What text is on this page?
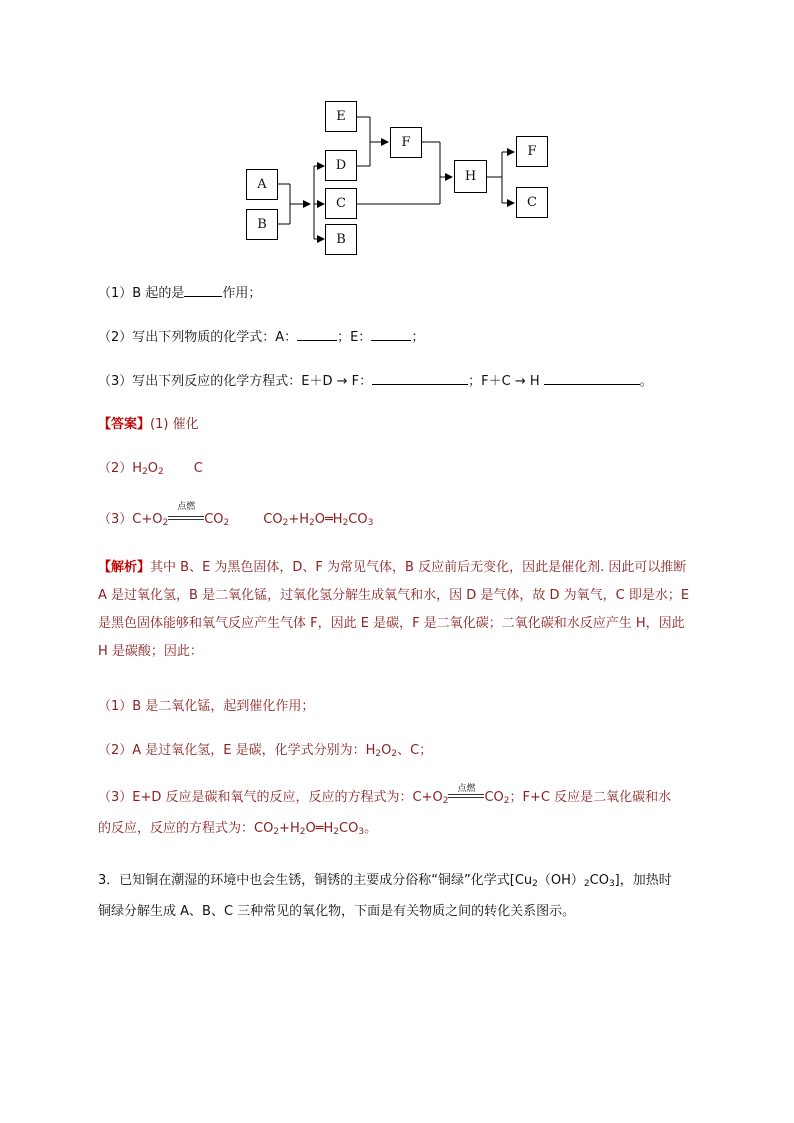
E
F
D
A
C
B
B
H
F
C
（1）B 起的是	作用；
（2）写出下列物质的化学式：A：	；E：	；
（3）写出下列反应的化学方程式：E＋D → F：	；F＋C → H	。
【答案】(1) 催化
$(2)H_2O_2$ C
$(3)C+O_2$
点燃
$CO_2$	$CO_2+H_2O═H_2CO_3$
【解析】其中 B、E 为黑色固体，D、F 为常见气体，B 反应前后无变化，因此是催化剂. 因此可以推断 A 是过氧化氢，B 是二氧化锰，过氧化氢分解生成氧气和水，因 D 是气体，故 D 为氧气，C 即是水；E 是黑色固体能够和氧气反应产生气体 F，因此 E 是碳，F 是二氧化碳；二氧化碳和水反应产生 H，因此 H 是碳酸；因此：
（1）B 是二氧化锰，起到催化作用；
（2）A 是过氧化氢，E 是碳，化学式分别为：$H_2O_2$、C；
（3）E+D 反应是碳和氧气的反应，反应的方程式为：$C+O_2$
点燃
$CO_2$；F+C 反应是二氧化碳和水
的反应，反应的方程式为：$CO_2+H_2O═H_2CO_3$。
3．已知铜在潮湿的环境中也会生锈，铜锈的主要成分俗称“铜绿”化学式$[Cu_2(OH)_2CO_3]$，加热时
铜绿分解生成 A、B、C 三种常见的氧化物，下面是有关物质之间的转化关系图示。
